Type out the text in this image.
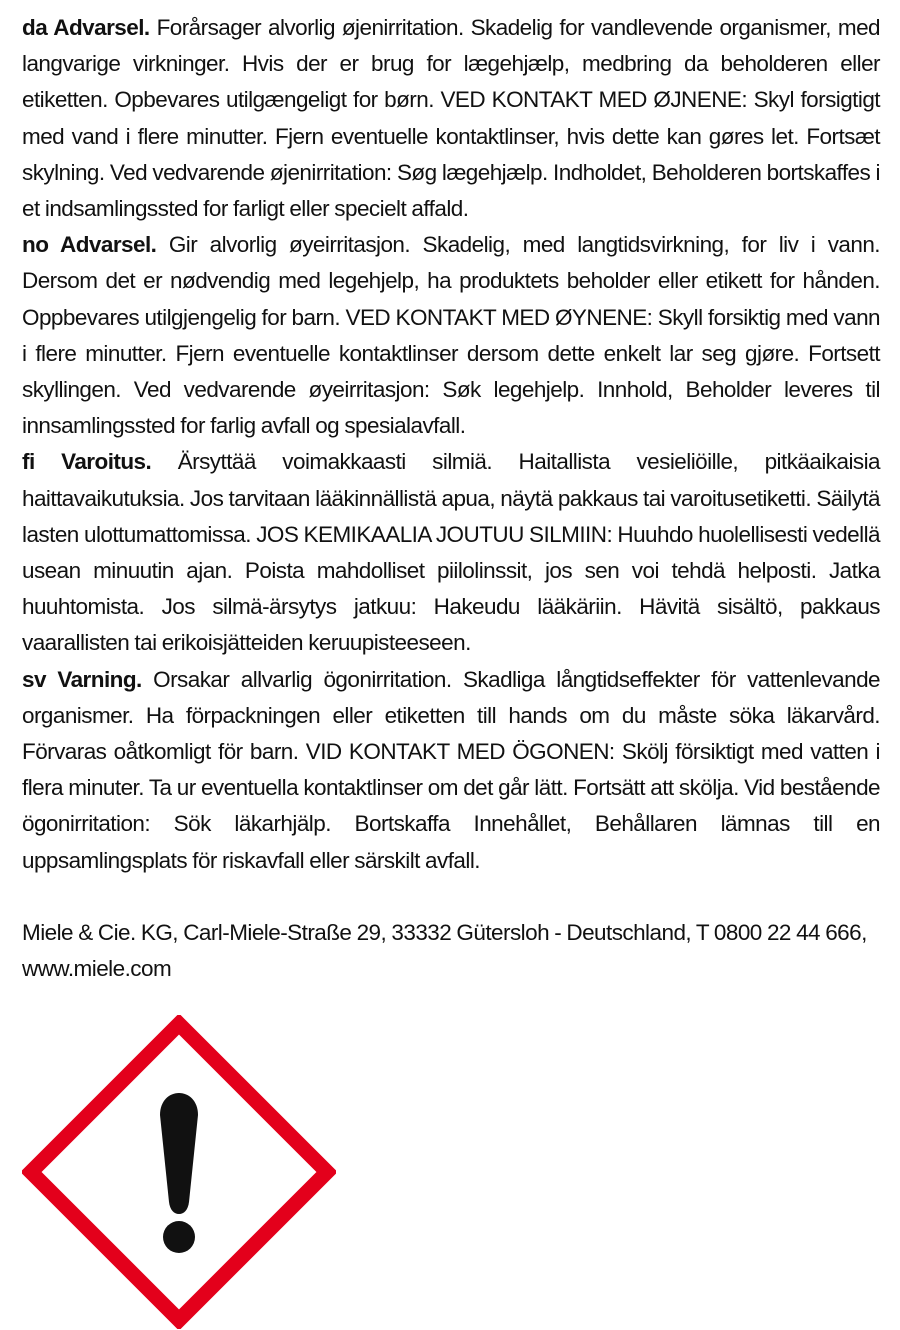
da Advarsel. Forårsager alvorlig øjenirritation. Skadelig for vandlevende organismer, med langvarige virkninger. Hvis der er brug for lægehjælp, medbring da beholderen eller etiketten. Opbevares utilgængeligt for børn. VED KONTAKT MED ØJNENE: Skyl forsigtigt med vand i flere minutter. Fjern eventuelle kontaktlinser, hvis dette kan gøres let. Fortsæt skylning. Ved vedvarende øjenirritation: Søg lægehjælp. Indholdet, Beholderen bortskaffes i et indsamlingssted for farligt eller specielt affald.

no Advarsel. Gir alvorlig øyeirritasjon. Skadelig, med langtidsvirkning, for liv i vann. Dersom det er nødvendig med legehjelp, ha produktets beholder eller etikett for hånden. Oppbevares utilgjengelig for barn. VED KONTAKT MED ØYNENE: Skyll forsiktig med vann i flere minutter. Fjern eventuelle kontaktlinser dersom dette enkelt lar seg gjøre. Fortsett skyllingen. Ved vedvarende øyeirritasjon: Søk legehjelp. Innhold, Beholder leveres til innsamlingssted for farlig avfall og spesialavfall.

fi Varoitus. Ärsyttää voimakkaasti silmiä. Haitallista vesieliöille, pitkäaikaisia haittavaikutuksia. Jos tarvitaan lääkinnällistä apua, näytä pakkaus tai varoitusetiketti. Säilytä lasten ulottumattomissa. JOS KEMIKAALIA JOUTUU SILMIIN: Huuhdo huolellisesti vedellä usean minuutin ajan. Poista mahdolliset piilolinssit, jos sen voi tehdä helposti. Jatka huuhtomista. Jos silmä-ärsytys jatkuu: Hakeudu lääkäriin. Hävitä sisältö, pakkaus vaarallisten tai erikoisjätteiden keruupisteeseen.

sv Varning. Orsakar allvarlig ögonirritation. Skadliga långtidseffekter för vattenlevande organismer. Ha förpackningen eller etiketten till hands om du måste söka läkarvård. Förvaras oåtkomligt för barn. VID KONTAKT MED ÖGONEN: Skölj försiktigt med vatten i flera minuter. Ta ur eventuella kontaktlinser om det går lätt. Fortsätt att skölja. Vid bestående ögonirritation: Sök läkarhjälp. Bortskaffa Innehållet, Behållaren lämnas till en uppsamlingsplats för riskavfall eller särskilt avfall.

Miele & Cie. KG, Carl-Miele-Straße 29, 33332 Gütersloh - Deutschland, T 0800 22 44 666,
www.miele.com
